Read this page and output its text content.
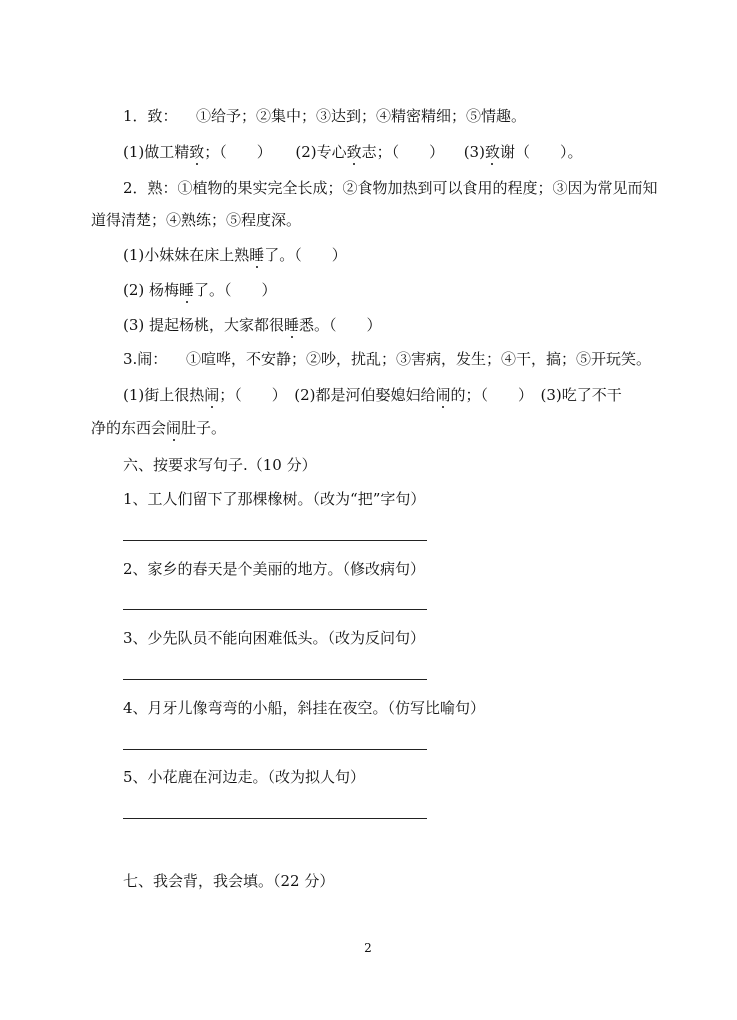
1．致： ①给予；②集中；③达到；④精密精细；⑤情趣。
(1)做工精致；（　　） (2)专心致志；（　　） (3)致谢（　　）。
2．熟：①植物的果实完全长成；②食物加热到可以食用的程度；③因为常见而知
道得清楚；④熟练；⑤程度深。
(1)小妹妹在床上熟睡了。（　　）
(2) 杨梅睡了。（　　）
(3) 提起杨桃，大家都很睡悉。（　　）
3.闹： ①喧哗，不安静；②吵，扰乱；③害病，发生；④干，搞；⑤开玩笑。
(1)街上很热闹；（　　）　(2)都是河伯娶媳妇给闹的；（　　）　(3)吃了不干
净的东西会闹肚子。
六、按要求写句子.（10 分）
1、工人们留下了那棵橡树。（改为“把”字句）
2、家乡的春天是个美丽的地方。（修改病句）
3、少先队员不能向困难低头。（改为反问句）
4、月牙儿像弯弯的小船，斜挂在夜空。（仿写比喻句）
5、小花鹿在河边走。（改为拟人句）
七、我会背，我会填。（22 分）
2
